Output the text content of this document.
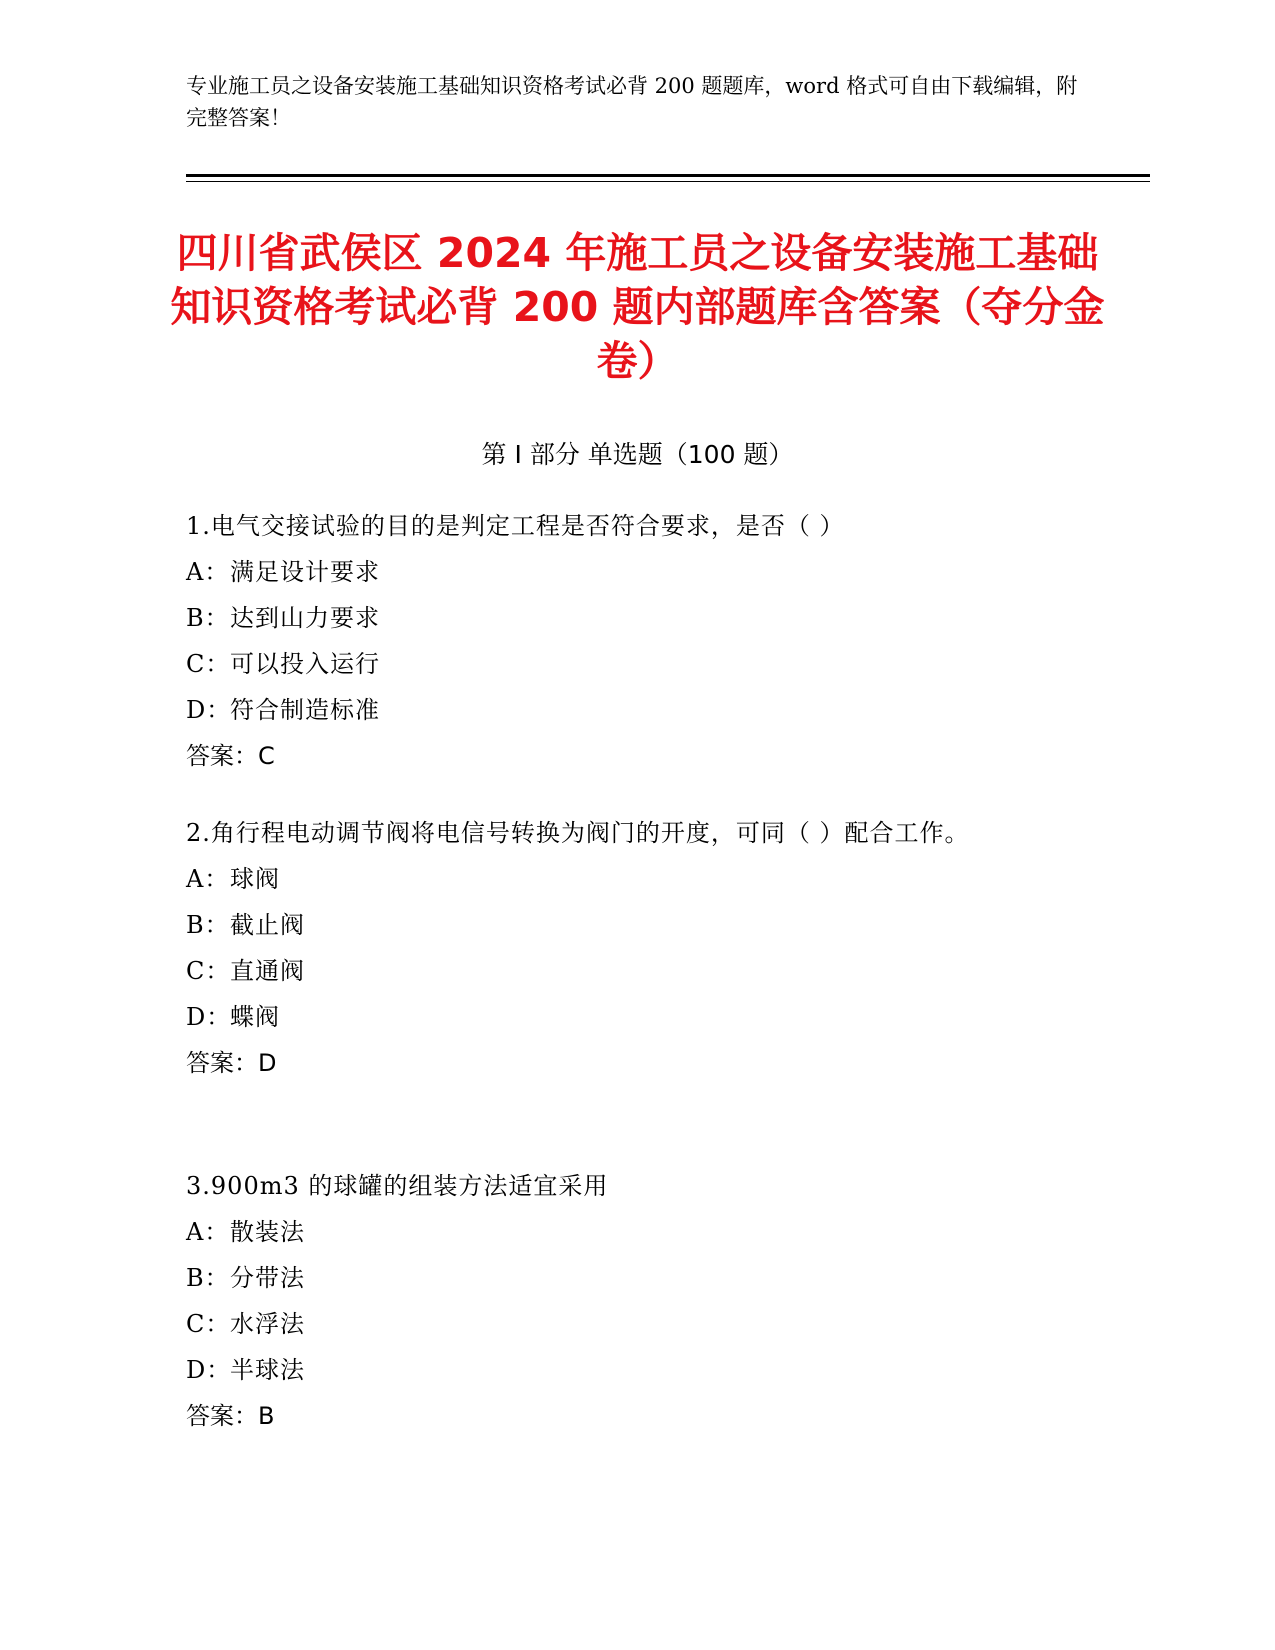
专业施工员之设备安装施工基础知识资格考试必背 200 题题库，word 格式可自由下载编辑，附完整答案！
四川省武侯区 2024 年施工员之设备安装施工基础知识资格考试必背 200 题内部题库含答案（夺分金卷）
第 I 部分 单选题（100 题）

1.电气交接试验的目的是判定工程是否符合要求，是否（ ）

A：满足设计要求

B：达到山力要求

C：可以投入运行

D：符合制造标准

答案：C

2.角行程电动调节阀将电信号转换为阀门的开度，可同（ ）配合工作。

A：球阀

B：截止阀

C：直通阀

D：蝶阀

答案：D

3.900m3 的球罐的组装方法适宜采用

A：散装法

B：分带法

C：水浮法

D：半球法

答案：B
